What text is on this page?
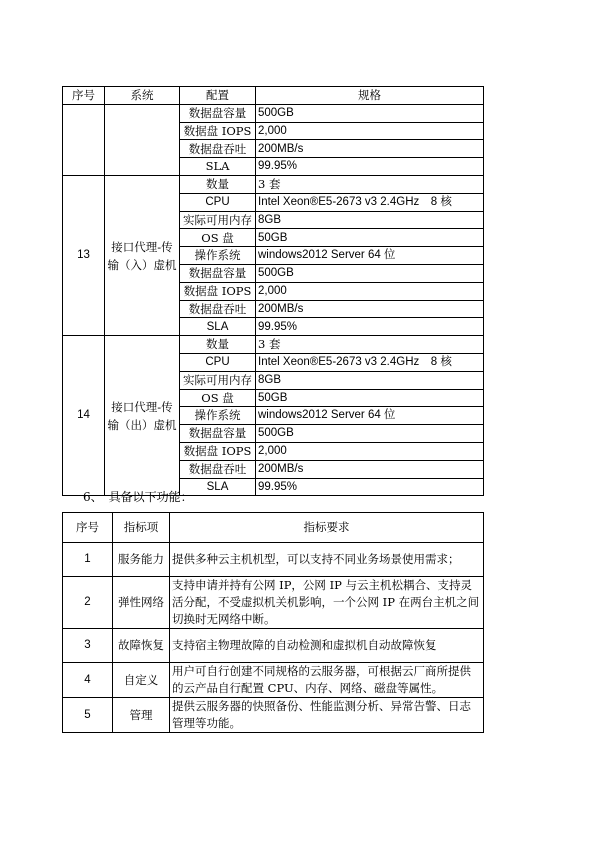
序号	系统	配置	规格
		数据盘容量	500GB
		数据盘 IOPS	2,000
		数据盘吞吐	200MB/s
		SLA	99.95%
13	接口代理-传输（入）虚机	数量	3 套
		CPU	Intel Xeon®E5-2673 v3 2.4GHz　8 核
		实际可用内存	8GB
		OS 盘	50GB
		操作系统	windows2012 Server 64 位
		数据盘容量	500GB
		数据盘 IOPS	2,000
		数据盘吞吐	200MB/s
		SLA	99.95%
14	接口代理-传输（出）虚机	数量	3 套
		CPU	Intel Xeon®E5-2673 v3 2.4GHz　8 核
		实际可用内存	8GB
		OS 盘	50GB
		操作系统	windows2012 Server 64 位
		数据盘容量	500GB
		数据盘 IOPS	2,000
		数据盘吞吐	200MB/s
		SLA	99.95%
6、　具备以下功能：
序号	指标项	指标要求
1	服务能力	提供多种云主机机型，可以支持不同业务场景使用需求；
2	弹性网络	支持申请并持有公网 IP，公网 IP 与云主机松耦合、支持灵活分配，不受虚拟机关机影响，一个公网 IP 在两台主机之间切换时无网络中断。
3	故障恢复	支持宿主物理故障的自动检测和虚拟机自动故障恢复
4	自定义	用户可自行创建不同规格的云服务器，可根据云厂商所提供的云产品自行配置 CPU、内存、网络、磁盘等属性。
5	管理	提供云服务器的快照备份、性能监测分析、异常告警、日志管理等功能。
